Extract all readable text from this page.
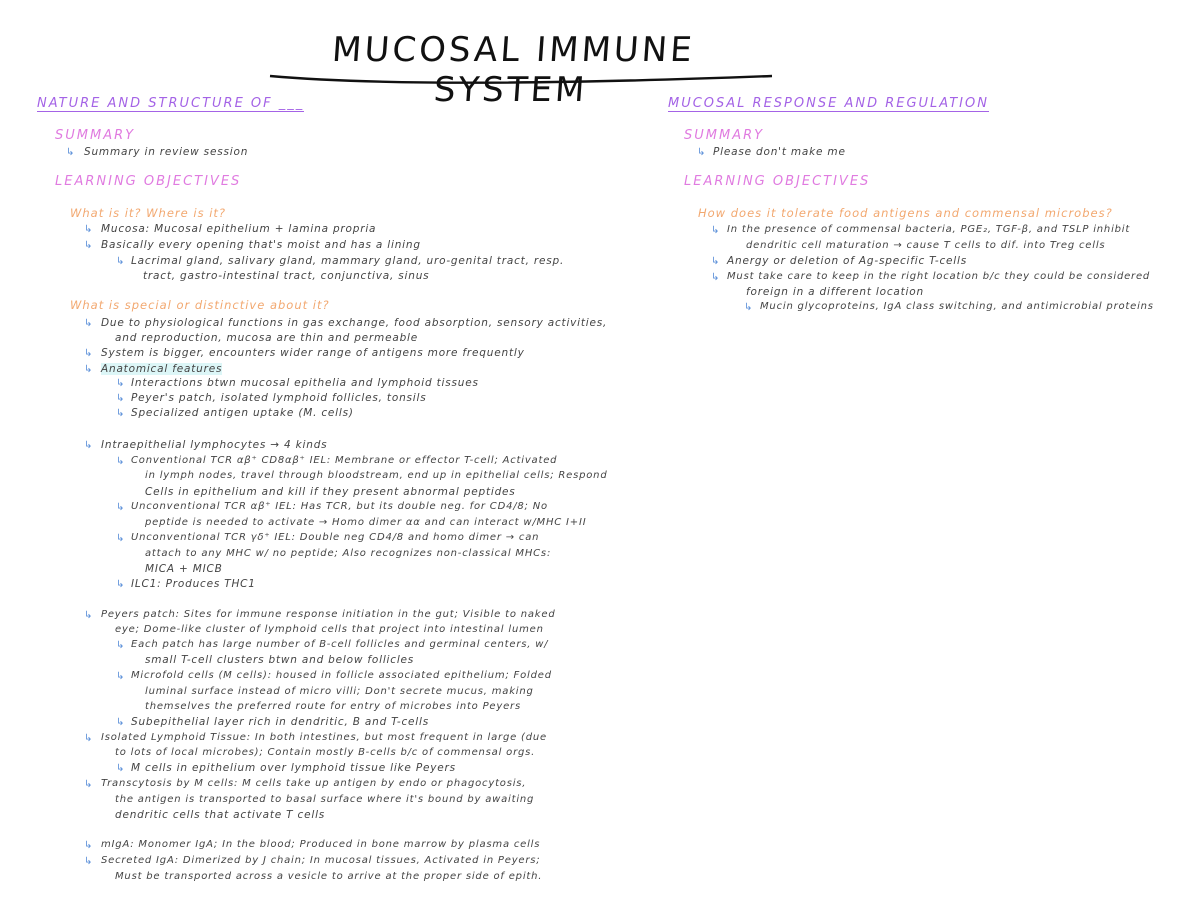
MUCOSAL IMMUNE SYSTEM
NATURE AND STRUCTURE OF ___
SUMMARY
↳ Summary in review session
LEARNING OBJECTIVES
What is it? Where is it?
↳ Mucosa: Mucosal epithelium + lamina propria
↳ Basically every opening that's moist and has a lining
↳ Lacrimal gland, salivary gland, mammary gland, uro-genital tract, resp.
tract, gastro-intestinal tract, conjunctiva, sinus
What is special or distinctive about it?
↳ Due to physiological functions in gas exchange, food absorption, sensory activities,
and reproduction, mucosa are thin and permeable
↳ System is bigger, encounters wider range of antigens more frequently
↳ Anatomical features
↳ Interactions btwn mucosal epithelia and lymphoid tissues
↳ Peyer's patch, isolated lymphoid follicles, tonsils
↳ Specialized antigen uptake (M. cells)
↳ Intraepithelial lymphocytes → 4 kinds
↳ Conventional TCR αβ⁺ CD8αβ⁺ IEL: Membrane or effector T-cell; Activated
in lymph nodes, travel through bloodstream, end up in epithelial cells; Respond
Cells in epithelium and kill if they present abnormal peptides
↳ Unconventional TCR αβ⁺ IEL: Has TCR, but its double neg. for CD4/8; No
peptide is needed to activate → Homo dimer αα and can interact w/MHC I+II
↳ Unconventional TCR γδ⁺ IEL: Double neg CD4/8 and homo dimer → can
attach to any MHC w/ no peptide; Also recognizes non-classical MHCs:
MICA + MICB
↳ ILC1: Produces THC1
↳ Peyers patch: Sites for immune response initiation in the gut; Visible to naked
eye; Dome-like cluster of lymphoid cells that project into intestinal lumen
↳ Each patch has large number of B-cell follicles and germinal centers, w/
small T-cell clusters btwn and below follicles
↳ Microfold cells (M cells): housed in follicle associated epithelium; Folded
luminal surface instead of micro villi; Don't secrete mucus, making
themselves the preferred route for entry of microbes into Peyers
↳ Subepithelial layer rich in dendritic, B and T-cells
↳ Isolated Lymphoid Tissue: In both intestines, but most frequent in large (due
to lots of local microbes); Contain mostly B-cells b/c of commensal orgs.
↳ M cells in epithelium over lymphoid tissue like Peyers
↳ Transcytosis by M cells: M cells take up antigen by endo or phagocytosis,
the antigen is transported to basal surface where it's bound by awaiting
dendritic cells that activate T cells
↳ mIgA: Monomer IgA; In the blood; Produced in bone marrow by plasma cells
↳ Secreted IgA: Dimerized by J chain; In mucosal tissues, Activated in Peyers;
Must be transported across a vesicle to arrive at the proper side of epith.
MUCOSAL RESPONSE AND REGULATION
SUMMARY
↳ Please don't make me
LEARNING OBJECTIVES
How does it tolerate food antigens and commensal microbes?
↳ In the presence of commensal bacteria, PGE₂, TGF-β, and TSLP inhibit
dendritic cell maturation → cause T cells to dif. into Treg cells
↳ Anergy or deletion of Ag-specific T-cells
↳ Must take care to keep in the right location b/c they could be considered
foreign in a different location
↳ Mucin glycoproteins, IgA class switching, and antimicrobial proteins
